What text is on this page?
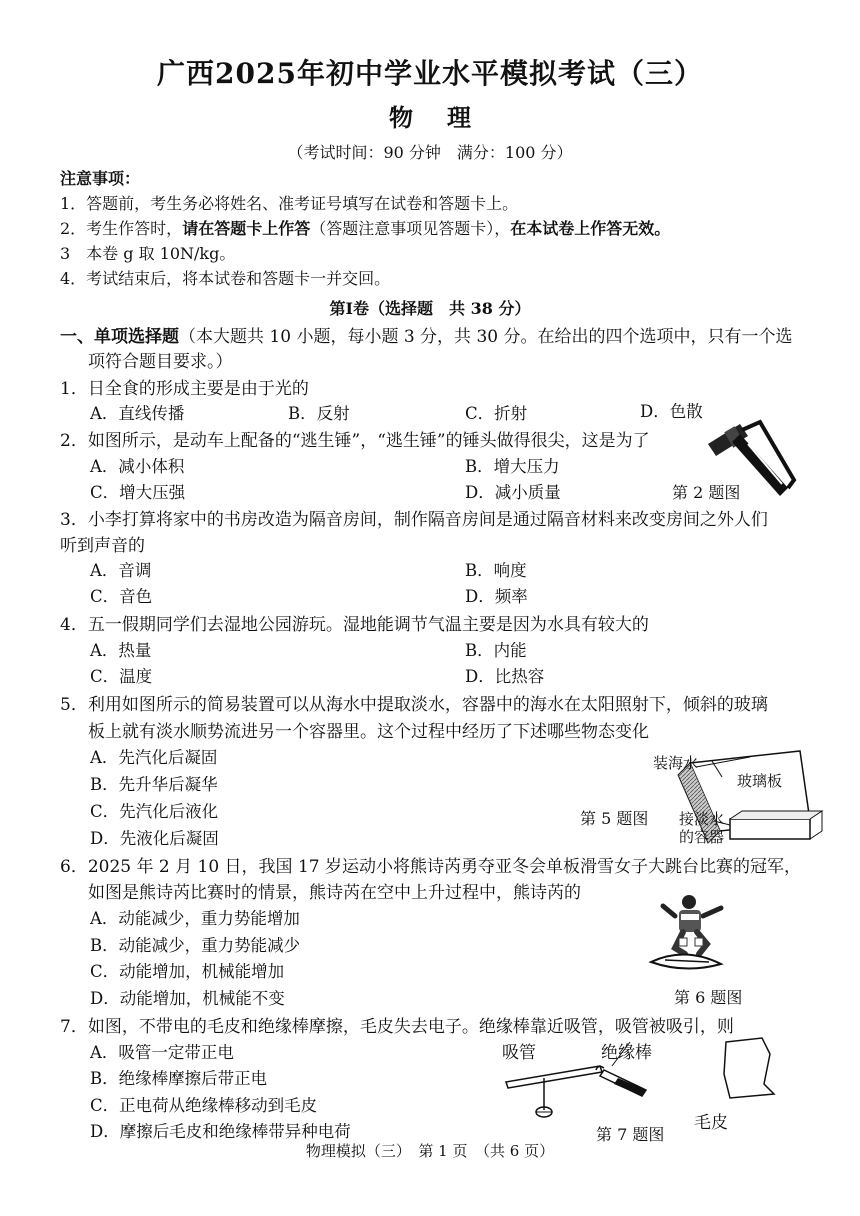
广西2025年初中学业水平模拟考试（三）
物理
（考试时间：90 分钟　满分：100 分）
注意事项：
1．答题前，考生务必将姓名、准考证号填写在试卷和答题卡上。
2．考生作答时，请在答题卡上作答（答题注意事项见答题卡），在本试卷上作答无效。
3　本卷 g 取 10N/kg。
4．考试结束后，将本试卷和答题卡一并交回。
第Ⅰ卷（选择题　共 38 分）
一、单项选择题（本大题共 10 小题，每小题 3 分，共 30 分。在给出的四个选项中，只有一个选
项符合题目要求。）
1．日全食的形成主要是由于光的
A．直线传播	B．反射	C．折射	D．色散
2．如图所示，是动车上配备的“逃生锤”，“逃生锤”的锤头做得很尖，这是为了
A．减小体积	B．增大压力
C．增大压强	D．减小质量	第 2 题图
3．小李打算将家中的书房改造为隔音房间，制作隔音房间是通过隔音材料来改变房间之外人们
听到声音的
A．音调	B．响度
C．音色	D．频率
4．五一假期同学们去湿地公园游玩。湿地能调节气温主要是因为水具有较大的
A．热量	B．内能
C．温度	D．比热容
5．利用如图所示的简易装置可以从海水中提取淡水，容器中的海水在太阳照射下，倾斜的玻璃
板上就有淡水顺势流进另一个容器里。这个过程中经历了下述哪些物态变化
A．先汽化后凝固
B．先升华后凝华
C．先汽化后液化
D．先液化后凝固
第 5 题图
装海水
玻璃板
接淡水
的容器
6．2025 年 2 月 10 日，我国 17 岁运动小将熊诗芮勇夺亚冬会单板滑雪女子大跳台比赛的冠军，
如图是熊诗芮比赛时的情景，熊诗芮在空中上升过程中，熊诗芮的
A．动能减少，重力势能增加
B．动能减少，重力势能减少
C．动能增加，机械能增加
D．动能增加，机械能不变	第 6 题图
7．如图，不带电的毛皮和绝缘棒摩擦，毛皮失去电子。绝缘棒靠近吸管，吸管被吸引，则
A．吸管一定带正电
B．绝缘棒摩擦后带正电
C．正电荷从绝缘棒移动到毛皮
D．摩擦后毛皮和绝缘棒带异种电荷	第 7 题图
吸管	绝缘棒
毛皮
物理模拟（三）　第 1 页　（共 6 页）
